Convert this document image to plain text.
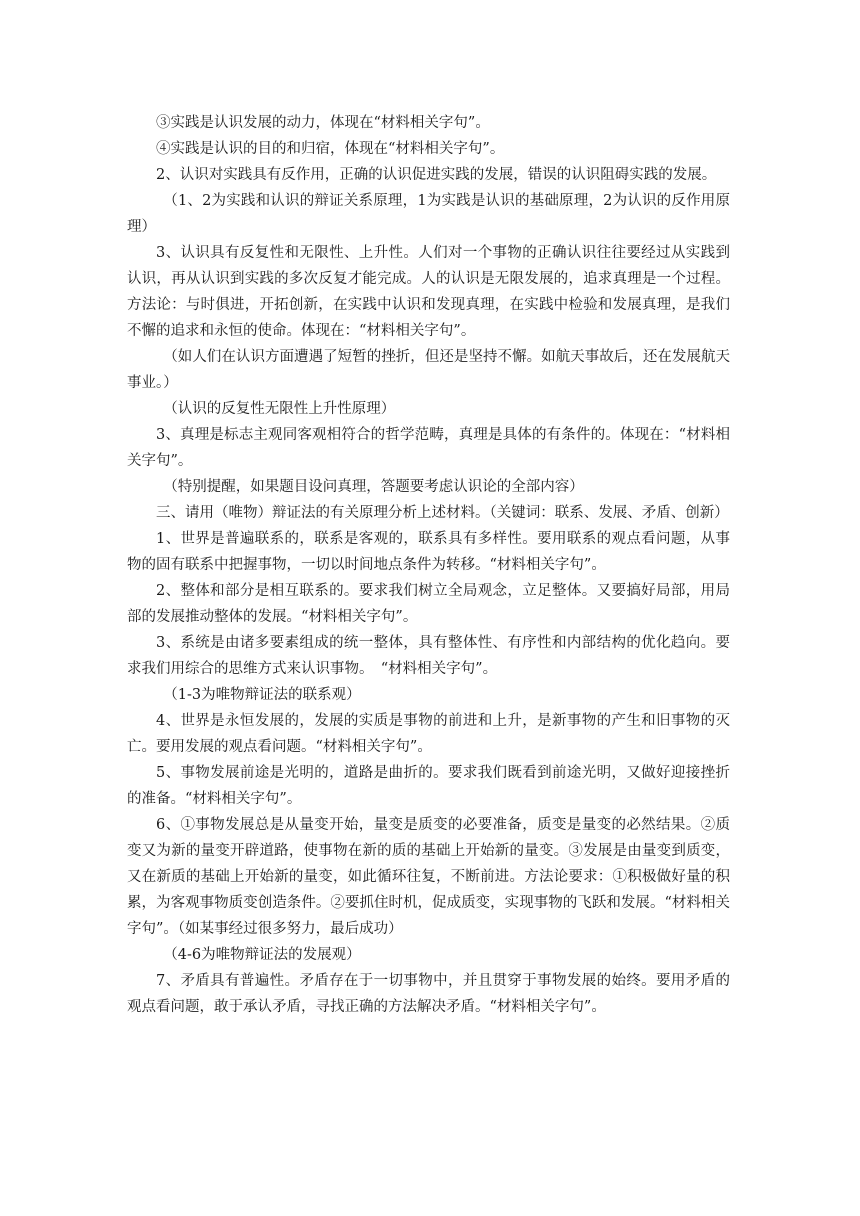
③实践是认识发展的动力，体现在“材料相关字句”。

④实践是认识的目的和归宿，体现在“材料相关字句”。

2、认识对实践具有反作用，正确的认识促进实践的发展，错误的认识阻碍实践的发展。

（1、2为实践和认识的辩证关系原理，1为实践是认识的基础原理，2为认识的反作用原理）

3、认识具有反复性和无限性、上升性。人们对一个事物的正确认识往往要经过从实践到认识，再从认识到实践的多次反复才能完成。人的认识是无限发展的，追求真理是一个过程。方法论：与时俱进，开拓创新，在实践中认识和发现真理，在实践中检验和发展真理，是我们不懈的追求和永恒的使命。体现在：“材料相关字句”。

（如人们在认识方面遭遇了短暂的挫折，但还是坚持不懈。如航天事故后，还在发展航天事业。）

（认识的反复性无限性上升性原理）

3、真理是标志主观同客观相符合的哲学范畴，真理是具体的有条件的。体现在：“材料相关字句”。

（特别提醒，如果题目设问真理，答题要考虑认识论的全部内容）

三、请用（唯物）辩证法的有关原理分析上述材料。（关键词：联系、发展、矛盾、创新）

1、世界是普遍联系的，联系是客观的，联系具有多样性。要用联系的观点看问题，从事物的固有联系中把握事物，一切以时间地点条件为转移。“材料相关字句”。

2、整体和部分是相互联系的。要求我们树立全局观念，立足整体。又要搞好局部，用局部的发展推动整体的发展。“材料相关字句”。

3、系统是由诸多要素组成的统一整体，具有整体性、有序性和内部结构的优化趋向。要求我们用综合的思维方式来认识事物。　“材料相关字句”。

（1-3为唯物辩证法的联系观）

4、世界是永恒发展的，发展的实质是事物的前进和上升，是新事物的产生和旧事物的灭亡。要用发展的观点看问题。“材料相关字句”。

5、事物发展前途是光明的，道路是曲折的。要求我们既看到前途光明，又做好迎接挫折的准备。“材料相关字句”。

6、①事物发展总是从量变开始，量变是质变的必要准备，质变是量变的必然结果。②质变又为新的量变开辟道路，使事物在新的质的基础上开始新的量变。③发展是由量变到质变，又在新质的基础上开始新的量变，如此循环往复，不断前进。方法论要求：①积极做好量的积累，为客观事物质变创造条件。②要抓住时机，促成质变，实现事物的飞跃和发展。“材料相关字句”。（如某事经过很多努力，最后成功）

（4-6为唯物辩证法的发展观）

7、矛盾具有普遍性。矛盾存在于一切事物中，并且贯穿于事物发展的始终。要用矛盾的观点看问题，敢于承认矛盾，寻找正确的方法解决矛盾。“材料相关字句”。
